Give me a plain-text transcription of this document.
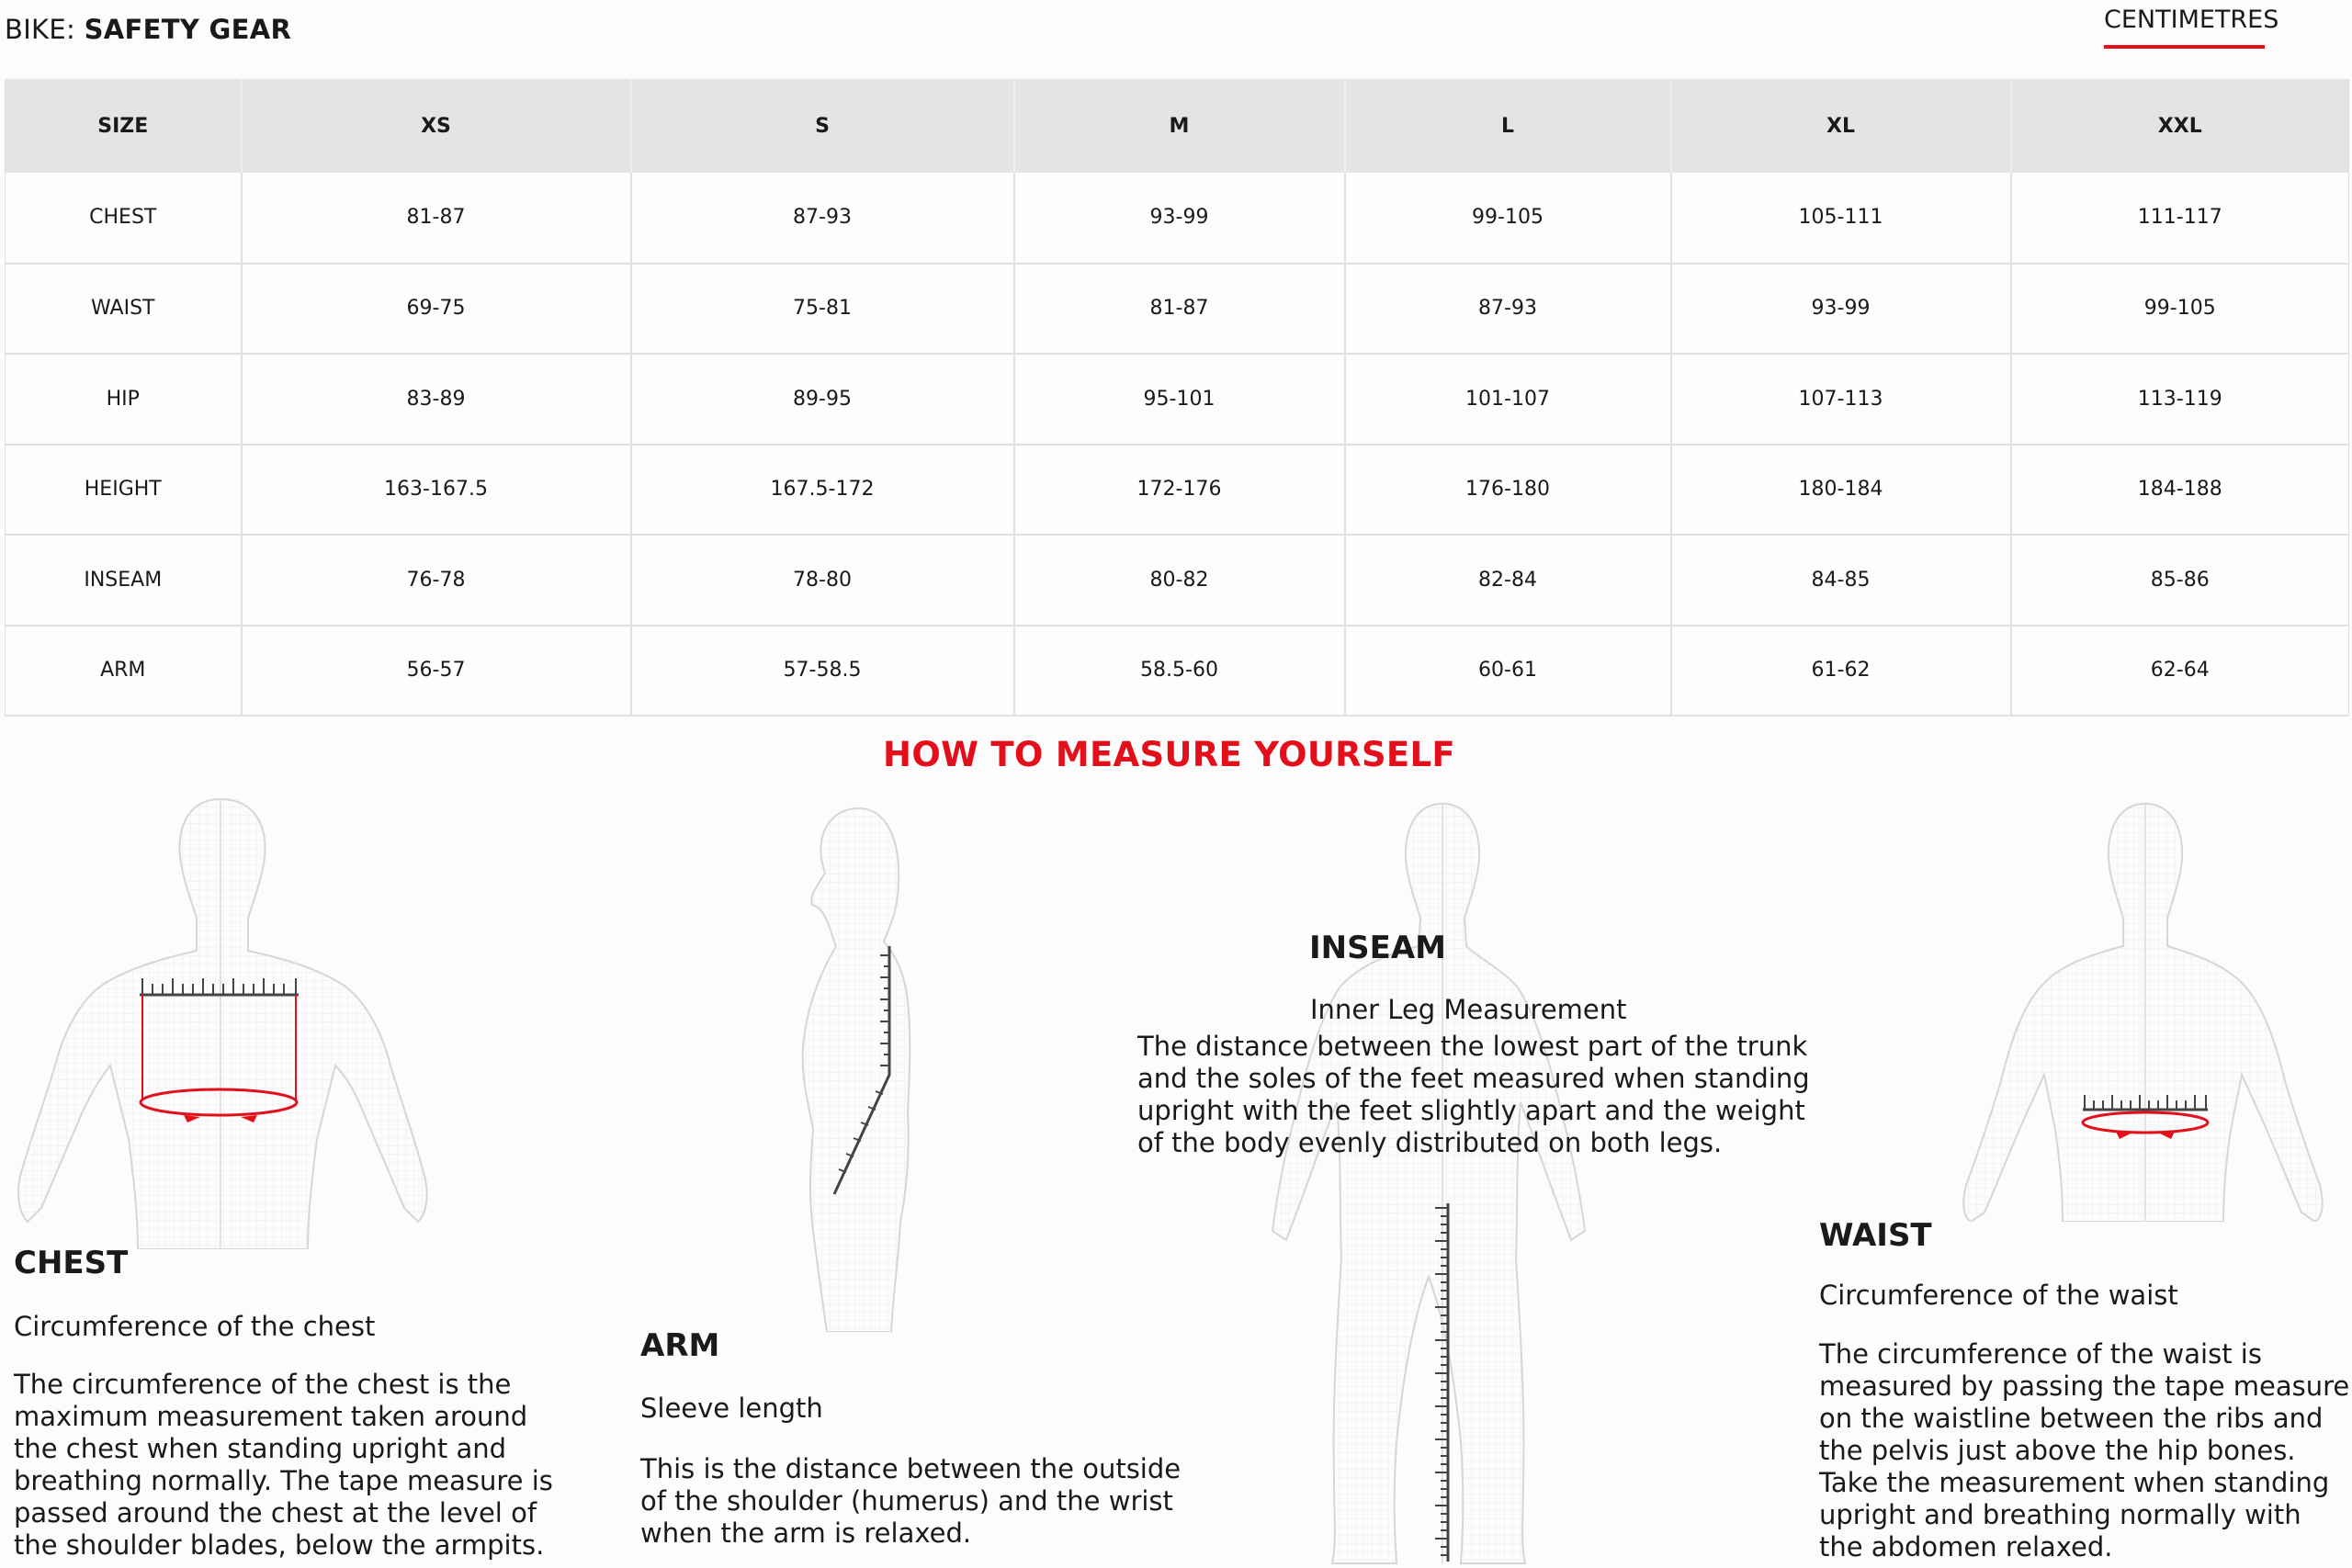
BIKE: SAFETY GEAR	CENTIMETRES
SIZE	XS	S	M	L	XL	XXL
CHEST	81-87	87-93	93-99	99-105	105-111	111-117
WAIST	69-75	75-81	81-87	87-93	93-99	99-105
HIP	83-89	89-95	95-101	101-107	107-113	113-119
HEIGHT	163-167.5	167.5-172	172-176	176-180	180-184	184-188
INSEAM	76-78	78-80	80-82	82-84	84-85	85-86
ARM	56-57	57-58.5	58.5-60	60-61	61-62	62-64
HOW TO MEASURE YOURSELF
CHEST
Circumference of the chest
The circumference of the chest is the maximum measurement taken around the chest when standing upright and breathing normally. The tape measure is passed around the chest at the level of the shoulder blades, below the armpits.
ARM
Sleeve length
This is the distance between the outside of the shoulder (humerus) and the wrist when the arm is relaxed.
INSEAM
Inner Leg Measurement
The distance between the lowest part of the trunk and the soles of the feet measured when standing upright with the feet slightly apart and the weight of the body evenly distributed on both legs.
WAIST
Circumference of the waist
The circumference of the waist is measured by passing the tape measure on the waistline between the ribs and the pelvis just above the hip bones. Take the measurement when standing upright and breathing normally with the abdomen relaxed.
